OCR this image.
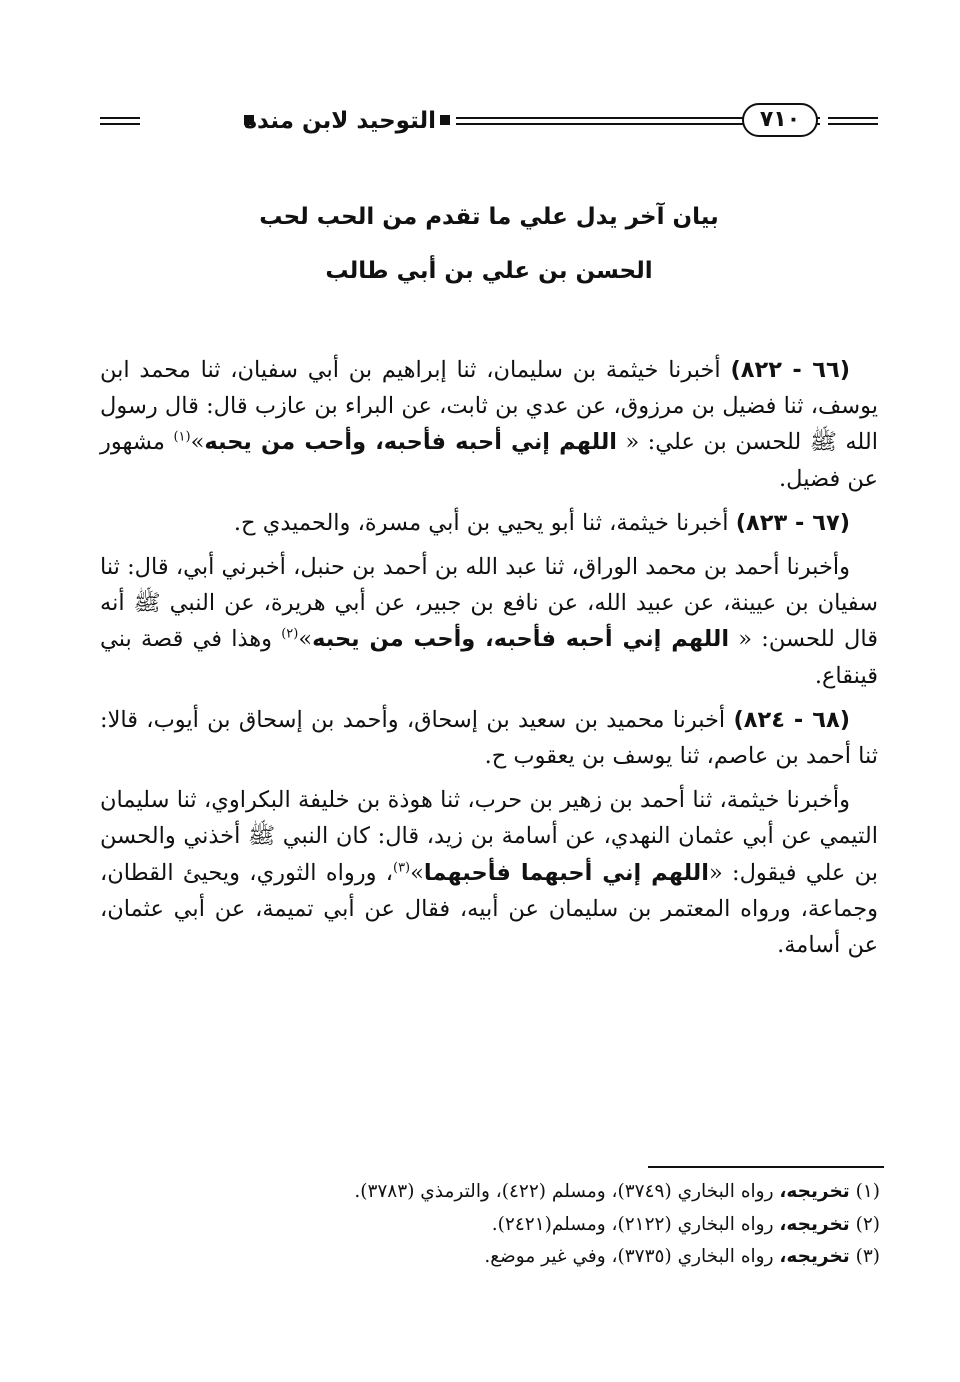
التوحيد لابن منده	٧١٠
بيان آخر يدل علي ما تقدم من الحب لحب
الحسن بن علي بن أبي طالب

(٦٦ - ٨٢٢) أخبرنا خيثمة بن سليمان، ثنا إبراهيم بن أبي سفيان، ثنا محمد ابن يوسف، ثنا فضيل بن مرزوق، عن عدي بن ثابت، عن البراء بن عازب قال: قال رسول الله ﷺ للحسن بن علي: « اللهم إني أحبه فأحبه، وأحب من يحبه»$^{(١)}$ مشهور عن فضيل.

(٦٧ - ٨٢٣) أخبرنا خيثمة، ثنا أبو يحيي بن أبي مسرة، والحميدي ح.

وأخبرنا أحمد بن محمد الوراق، ثنا عبد الله بن أحمد بن حنبل، أخبرني أبي، قال: ثنا سفيان بن عيينة، عن عبيد الله، عن نافع بن جبير، عن أبي هريرة، عن النبي ﷺ أنه قال للحسن: « اللهم إني أحبه فأحبه، وأحب من يحبه»$^{(٢)}$ وهذا في قصة بني قينقاع.

(٦٨ - ٨٢٤) أخبرنا محميد بن سعيد بن إسحاق، وأحمد بن إسحاق بن أيوب، قالا: ثنا أحمد بن عاصم، ثنا يوسف بن يعقوب ح.

وأخبرنا خيثمة، ثنا أحمد بن زهير بن حرب، ثنا هوذة بن خليفة البكراوي، ثنا سليمان التيمي عن أبي عثمان النهدي، عن أسامة بن زيد، قال: كان النبي ﷺ أخذني والحسن بن علي فيقول: «اللهم إني أحبهما فأحبهما»$^{(٣)}$، ورواه الثوري، ويحيئ القطان، وجماعة، ورواه المعتمر بن سليمان عن أبيه، فقال عن أبي تميمة، عن أبي عثمان، عن أسامة.

(١) تخريجه، رواه البخاري (٣٧٤٩)، ومسلم (٤٢٢)، والترمذي (٣٧٨٣).
(٢) تخريجه، رواه البخاري (٢١٢٢)، ومسلم(٢٤٢١).
(٣) تخريجه، رواه البخاري (٣٧٣٥)، وفي غير موضع.
